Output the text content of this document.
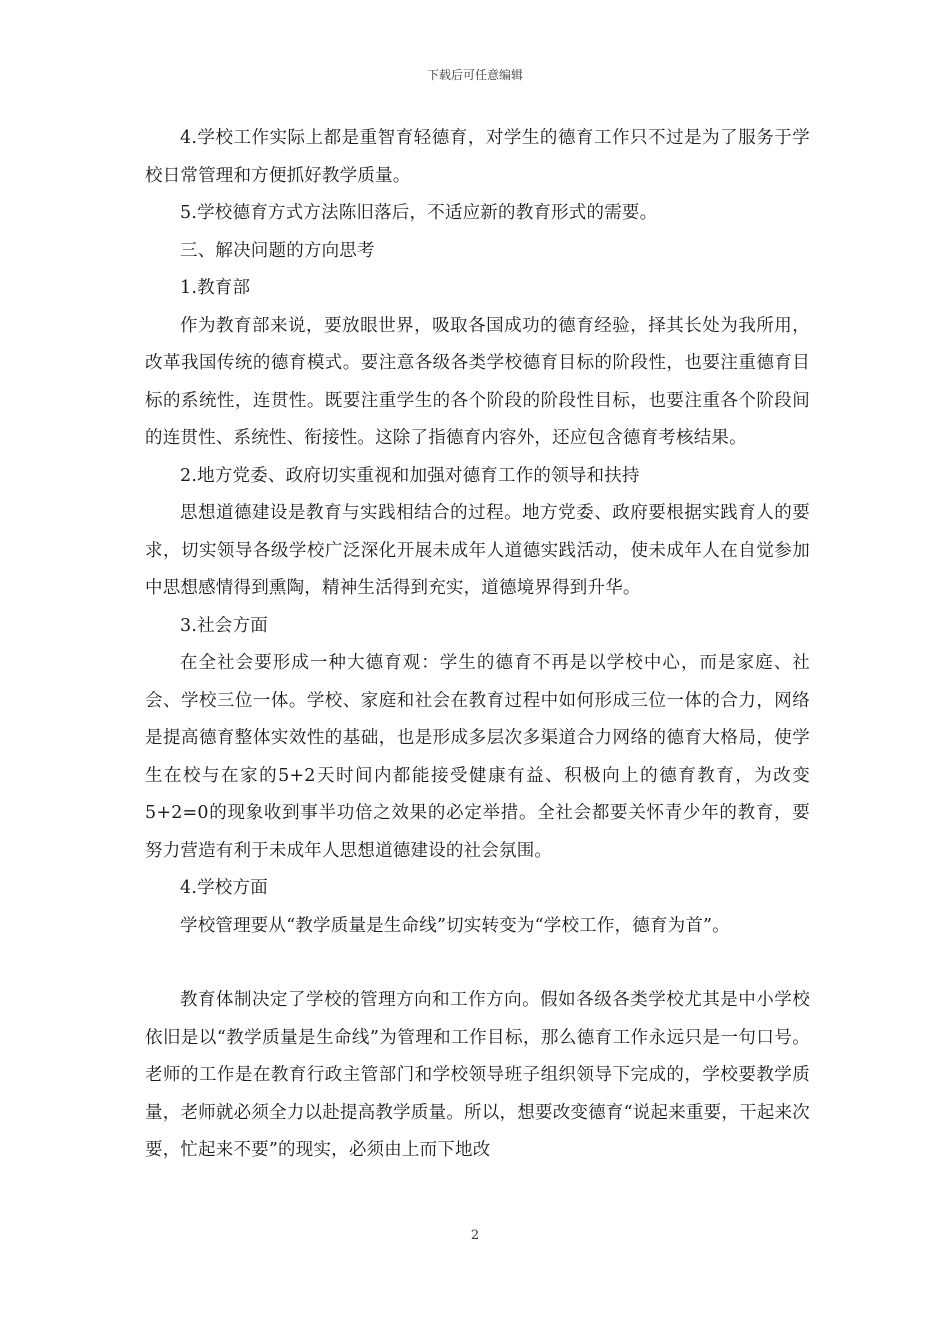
下载后可任意编辑

4.学校工作实际上都是重智育轻德育，对学生的德育工作只不过是为了服务于学校日常管理和方便抓好教学质量。

5.学校德育方式方法陈旧落后，不适应新的教育形式的需要。

三、解决问题的方向思考

1.教育部

作为教育部来说，要放眼世界，吸取各国成功的德育经验，择其长处为我所用，改革我国传统的德育模式。要注意各级各类学校德育目标的阶段性，也要注重德育目标的系统性，连贯性。既要注重学生的各个阶段的阶段性目标，也要注重各个阶段间的连贯性、系统性、衔接性。这除了指德育内容外，还应包含德育考核结果。

2.地方党委、政府切实重视和加强对德育工作的领导和扶持

思想道德建设是教育与实践相结合的过程。地方党委、政府要根据实践育人的要求，切实领导各级学校广泛深化开展未成年人道德实践活动，使未成年人在自觉参加中思想感情得到熏陶，精神生活得到充实，道德境界得到升华。

3.社会方面

在全社会要形成一种大德育观：学生的德育不再是以学校中心，而是家庭、社会、学校三位一体。学校、家庭和社会在教育过程中如何形成三位一体的合力，网络是提高德育整体实效性的基础，也是形成多层次多渠道合力网络的德育大格局，使学生在校与在家的5+2天时间内都能接受健康有益、积极向上的德育教育，为改变5+2=0的现象收到事半功倍之效果的必定举措。全社会都要关怀青少年的教育，要努力营造有利于未成年人思想道德建设的社会氛围。

4.学校方面

学校管理要从“教学质量是生命线”切实转变为“学校工作，德育为首”。

教育体制决定了学校的管理方向和工作方向。假如各级各类学校尤其是中小学校依旧是以“教学质量是生命线”为管理和工作目标，那么德育工作永远只是一句口号。老师的工作是在教育行政主管部门和学校领导班子组织领导下完成的，学校要教学质量，老师就必须全力以赴提高教学质量。所以，想要改变德育“说起来重要，干起来次要，忙起来不要”的现实，必须由上而下地改

2
